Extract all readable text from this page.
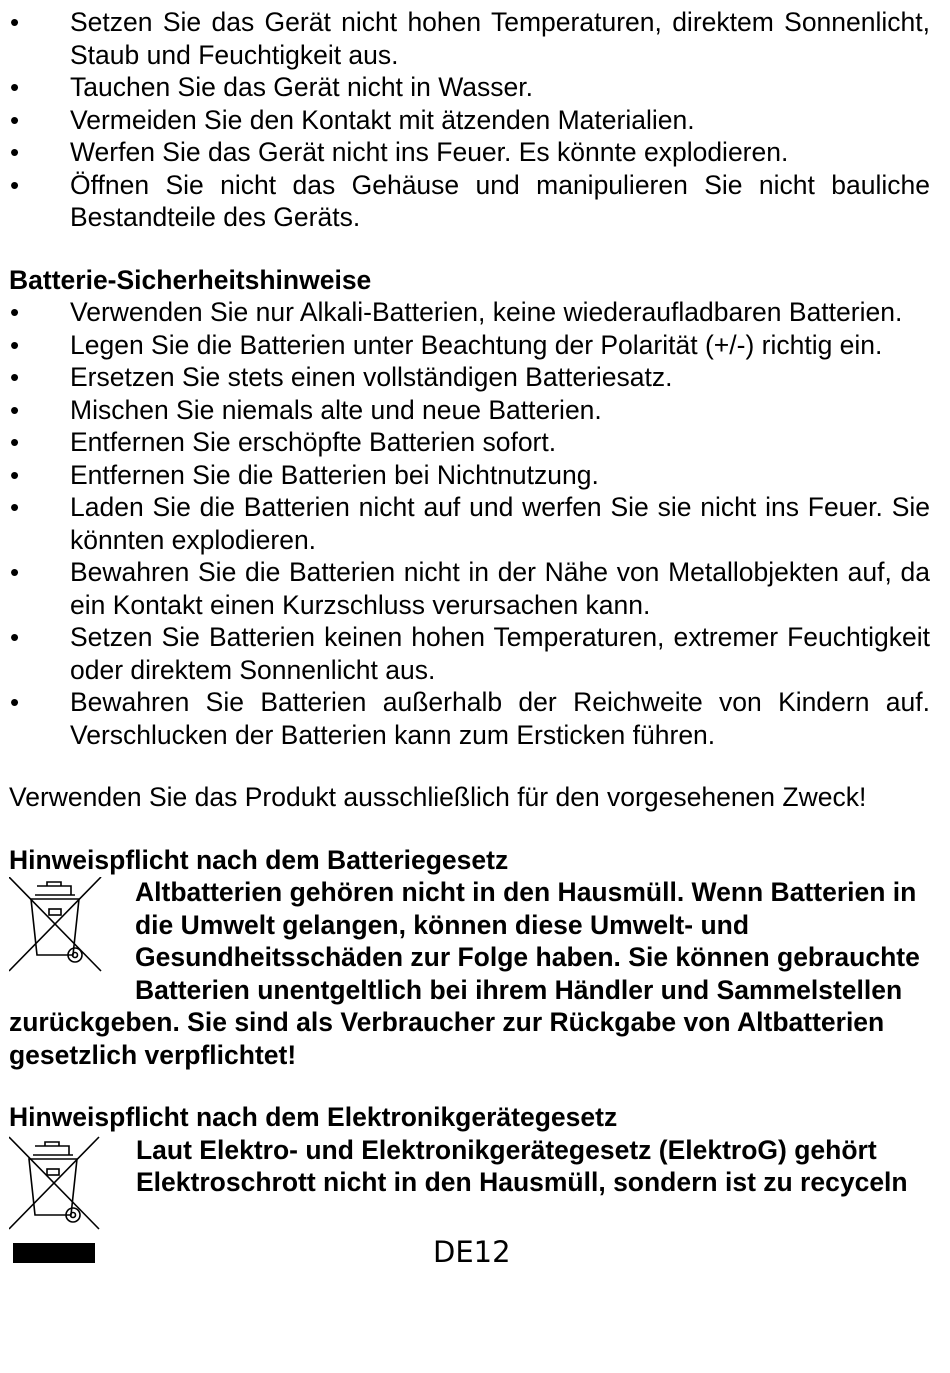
• Setzen Sie das Gerät nicht hohen Temperaturen, direktem Sonnenlicht, Staub und Feuchtigkeit aus.
• Tauchen Sie das Gerät nicht in Wasser.
• Vermeiden Sie den Kontakt mit ätzenden Materialien.
• Werfen Sie das Gerät nicht ins Feuer. Es könnte explodieren.
• Öffnen Sie nicht das Gehäuse und manipulieren Sie nicht bauliche Bestandteile des Geräts.
Batterie-Sicherheitshinweise
• Verwenden Sie nur Alkali-Batterien, keine wiederaufladbaren Batterien.
• Legen Sie die Batterien unter Beachtung der Polarität (+/-) richtig ein.
• Ersetzen Sie stets einen vollständigen Batteriesatz.
• Mischen Sie niemals alte und neue Batterien.
• Entfernen Sie erschöpfte Batterien sofort.
• Entfernen Sie die Batterien bei Nichtnutzung.
• Laden Sie die Batterien nicht auf und werfen Sie sie nicht ins Feuer. Sie könnten explodieren.
• Bewahren Sie die Batterien nicht in der Nähe von Metallobjekten auf, da ein Kontakt einen Kurzschluss verursachen kann.
• Setzen Sie Batterien keinen hohen Temperaturen, extremer Feuchtigkeit oder direktem Sonnenlicht aus.
• Bewahren Sie Batterien außerhalb der Reichweite von Kindern auf. Verschlucken der Batterien kann zum Ersticken führen.

Verwenden Sie das Produkt ausschließlich für den vorgesehenen Zweck!

Hinweispflicht nach dem Batteriegesetz

Altbatterien gehören nicht in den Hausmüll. Wenn Batterien in die Umwelt gelangen, können diese Umwelt- und Gesundheitsschäden zur Folge haben. Sie können gebrauchte Batterien unentgeltlich bei ihrem Händler und Sammelstellen zurückgeben. Sie sind als Verbraucher zur Rückgabe von Altbatterien gesetzlich verpflichtet!

Hinweispflicht nach dem Elektronikgerätegesetz

Laut Elektro- und Elektronikgerätegesetz (ElektroG) gehört Elektroschrott nicht in den Hausmüll, sondern ist zu recyceln

DE12
